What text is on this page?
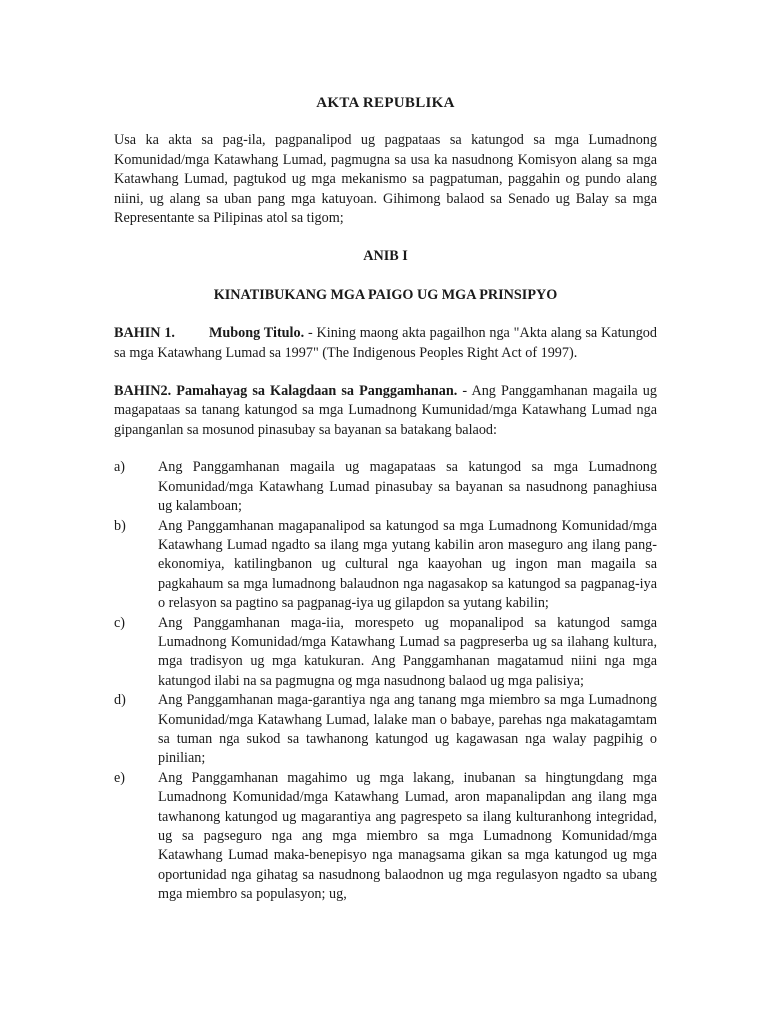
AKTA REPUBLIKA

Usa ka akta sa pag-ila, pagpanalipod ug pagpataas sa katungod sa mga Lumadnong Komunidad/mga Katawhang Lumad, pagmugna sa usa ka nasudnong Komisyon alang sa mga Katawhang Lumad, pagtukod ug mga mekanismo sa pagpatuman, paggahin og pundo alang niini, ug alang sa uban pang mga katuyoan. Gihimong balaod sa Senado ug Balay sa mga Representante sa Pilipinas atol sa tigom;

ANIB I
KINATIBUKANG MGA PAIGO UG MGA PRINSIPYO

BAHIN 1. Mubong Titulo. - Kining maong akta pagailhon nga "Akta alang sa Katungod sa mga Katawhang Lumad sa 1997" (The Indigenous Peoples Right Act of 1997).

BAHIN2. Pamahayag sa Kalagdaan sa Panggamhanan. - Ang Panggamhanan magaila ug magapataas sa tanang katungod sa mga Lumadnong Kumunidad/mga Katawhang Lumad nga gipanganlan sa mosunod pinasubay sa bayanan sa batakang balaod:

a)	Ang Panggamhanan magaila ug magapataas sa katungod sa mga Lumadnong Komunidad/mga Katawhang Lumad pinasubay sa bayanan sa nasudnong panaghiusa ug kalamboan;
b)	Ang Panggamhanan magapanalipod sa katungod sa mga Lumadnong Komunidad/mga Katawhang Lumad ngadto sa ilang mga yutang kabilin aron maseguro ang ilang pang-ekonomiya, katilingbanon ug cultural nga kaayohan ug ingon man magaila sa pagkahaum sa mga lumadnong balaudnon nga nagasakop sa katungod sa pagpanag-iya o relasyon sa pagtino sa pagpanag-iya ug gilapdon sa yutang kabilin;
c)	Ang Panggamhanan maga-iia, morespeto ug mopanalipod sa katungod samga Lumadnong Komunidad/mga Katawhang Lumad sa pagpreserba ug sa ilahang kultura, mga tradisyon ug mga katukuran. Ang Panggamhanan magatamud niini nga mga katungod ilabi na sa pagmugna og mga nasudnong balaod ug mga palisiya;
d)	Ang Panggamhanan maga-garantiya nga ang tanang mga miembro sa mga Lumadnong Komunidad/mga Katawhang Lumad, lalake man o babaye, parehas nga makatagamtam sa tuman nga sukod sa tawhanong katungod ug kagawasan nga walay pagpihig o pinilian;
e)	Ang Panggamhanan magahimo ug mga lakang, inubanan sa hingtungdang mga Lumadnong Komunidad/mga Katawhang Lumad, aron mapanalipdan ang ilang mga tawhanong katungod ug magarantiya ang pagrespeto sa ilang kulturanhong integridad, ug sa pagseguro nga ang mga miembro sa mga Lumadnong Komunidad/mga Katawhang Lumad maka-benepisyo nga managsama gikan sa mga katungod ug mga oportunidad nga gihatag sa nasudnong balaodnon ug mga regulasyon ngadto sa ubang mga miembro sa populasyon; ug,
